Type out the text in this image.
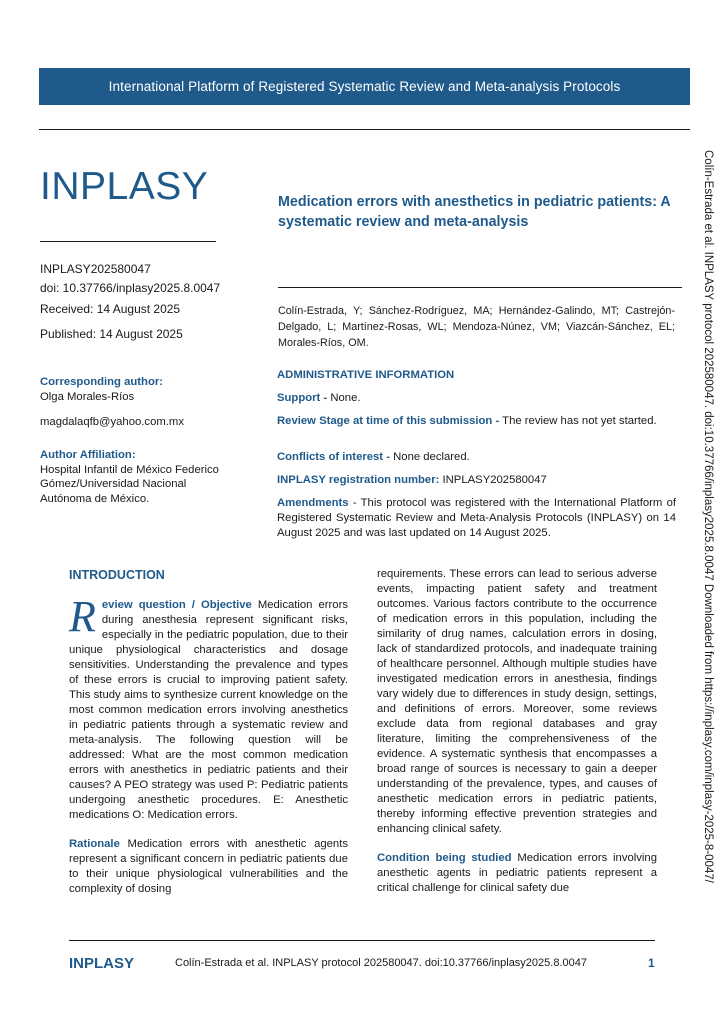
International Platform of Registered Systematic Review and Meta-analysis Protocols
INPLASY
INPLASY202580047
doi: 10.37766/inplasy2025.8.0047
Received: 14 August 2025
Published: 14 August 2025
Corresponding author:
Olga Morales-Ríos
magdalaqfb@yahoo.com.mx
Author Affiliation:
Hospital Infantil de México Federico
Gómez/Universidad Nacional
Autónoma de México.
Medication errors with anesthetics in pediatric patients: A systematic review and meta-analysis
Colín-Estrada, Y; Sánchez-Rodríguez, MA; Hernández-Galindo, MT; Castrejón-Delgado, L; Martínez-Rosas, WL; Mendoza-Núnez, VM; Viazcán-Sánchez, EL; Morales-Ríos, OM.
ADMINISTRATIVE INFORMATION
Support - None.
Review Stage at time of this submission - The review has not yet started.
Conflicts of interest - None declared.
INPLASY registration number: INPLASY202580047
Amendments - This protocol was registered with the International Platform of Registered Systematic Review and Meta-Analysis Protocols (INPLASY) on 14 August 2025 and was last updated on 14 August 2025.
INTRODUCTION

Review question / Objective Medication errors during anesthesia represent significant risks, especially in the pediatric population, due to their unique physiological characteristics and dosage sensitivities. Understanding the prevalence and types of these errors is crucial to improving patient safety. This study aims to synthesize current knowledge on the most common medication errors involving anesthetics in pediatric patients through a systematic review and meta-analysis. The following question will be addressed: What are the most common medication errors with anesthetics in pediatric patients and their causes? A PEO strategy was used P: Pediatric patients undergoing anesthetic procedures. E: Anesthetic medications O: Medication errors.

Rationale Medication errors with anesthetic agents represent a significant concern in pediatric patients due to their unique physiological vulnerabilities and the complexity of dosing

requirements. These errors can lead to serious adverse events, impacting patient safety and treatment outcomes. Various factors contribute to the occurrence of medication errors in this population, including the similarity of drug names, calculation errors in dosing, lack of standardized protocols, and inadequate training of healthcare personnel. Although multiple studies have investigated medication errors in anesthesia, findings vary widely due to differences in study design, settings, and definitions of errors. Moreover, some reviews exclude data from regional databases and gray literature, limiting the comprehensiveness of the evidence. A systematic synthesis that encompasses a broad range of sources is necessary to gain a deeper understanding of the prevalence, types, and causes of anesthetic medication errors in pediatric patients, thereby informing effective prevention strategies and enhancing clinical safety.

Condition being studied Medication errors involving anesthetic agents in pediatric patients represent a critical challenge for clinical safety due

Colín-Estrada et al. INPLASY protocol 202580047. doi:10.37766/inplasy2025.8.0047 Downloaded from https://inplasy.com/inplasy-2025-8-0047/
INPLASY	Colín-Estrada et al. INPLASY protocol 202580047. doi:10.37766/inplasy2025.8.0047	1
